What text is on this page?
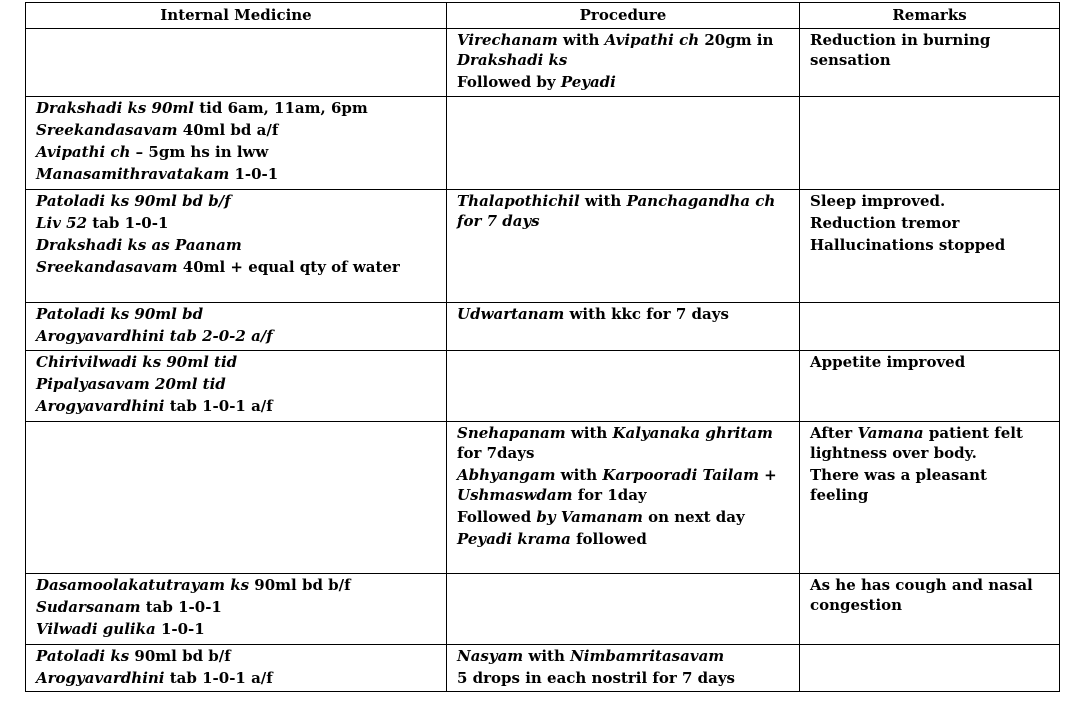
Internal Medicine	Procedure	Remarks

	Virechanam with Avipathi ch 20gm in Drakshadi ks
Followed by Peyadi	Reduction in burning sensation

Drakshadi ks 90ml tid 6am, 11am, 6pm
Sreekandasavam 40ml bd a/f
Avipathi ch – 5gm hs in lww
Manasamithravatakam 1-0-1		

Patoladi ks 90ml bd b/f
Liv 52 tab 1-0-1
Drakshadi ks as Paanam
Sreekandasavam 40ml + equal qty of water	Thalapothichil with Panchagandha ch for 7 days	Sleep improved.
Reduction tremor
Hallucinations stopped

Patoladi ks 90ml bd
Arogyavardhini tab 2-0-2 a/f	Udwartanam with kkc for 7 days	

Chirivilwadi ks 90ml tid
Pipalyasavam 20ml tid
Arogyavardhini tab 1-0-1 a/f		Appetite improved

	Snehapanam with Kalyanaka ghritam for 7days
Abhyangam with Karpooradi Tailam + Ushmaswdam for 1day
Followed by Vamanam on next day
Peyadi krama followed	After Vamana patient felt lightness over body.
There was a pleasant feeling

Dasamoolakatutrayam ks 90ml bd b/f
Sudarsanam tab 1-0-1
Vilwadi gulika 1-0-1		As he has cough and nasal congestion

Patoladi ks 90ml bd b/f
Arogyavardhini tab 1-0-1 a/f	Nasyam with Nimbamritasavam
5 drops in each nostril for 7 days	
